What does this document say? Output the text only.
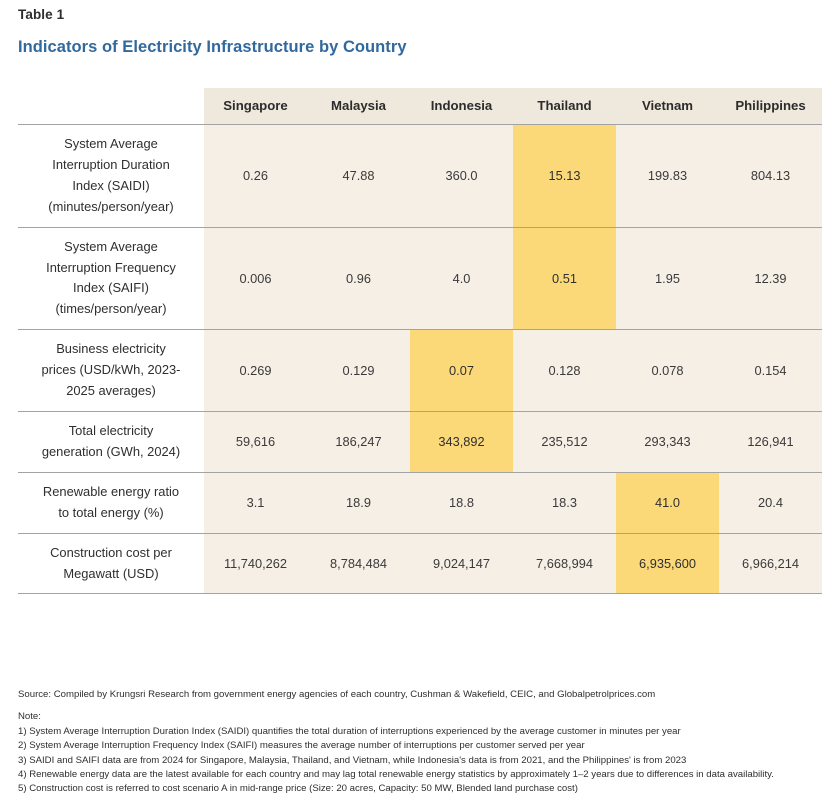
Table 1
Indicators of Electricity Infrastructure by Country
	Singapore	Malaysia	Indonesia	Thailand	Vietnam	Philippines
System Average
Interruption Duration
Index (SAIDI)
(minutes/person/year)	0.26	47.88	360.0	15.13	199.83	804.13
System Average
Interruption Frequency
Index (SAIFI)
(times/person/year)	0.006	0.96	4.0	0.51	1.95	12.39
Business electricity
prices (USD/kWh, 2023-
2025 averages)	0.269	0.129	0.07	0.128	0.078	0.154
Total electricity
generation (GWh, 2024)	59,616	186,247	343,892	235,512	293,343	126,941
Renewable energy ratio
to total energy (%)	3.1	18.9	18.8	18.3	41.0	20.4
Construction cost per
Megawatt (USD)	11,740,262	8,784,484	9,024,147	7,668,994	6,935,600	6,966,214
Source: Compiled by Krungsri Research from government energy agencies of each country, Cushman & Wakefield, CEIC, and Globalpetrolprices.com
Note:
1) System Average Interruption Duration Index (SAIDI) quantifies the total duration of interruptions experienced by the average customer in minutes per year
2) System Average Interruption Frequency Index (SAIFI) measures the average number of interruptions per customer served per year
3) SAIDI and SAIFI data are from 2024 for Singapore, Malaysia, Thailand, and Vietnam, while Indonesia's data is from 2021, and the Philippines' is from 2023
4) Renewable energy data are the latest available for each country and may lag total renewable energy statistics by approximately 1–2 years due to differences in data availability.
5) Construction cost is referred to cost scenario A in mid-range price (Size: 20 acres, Capacity: 50 MW, Blended land purchase cost)
